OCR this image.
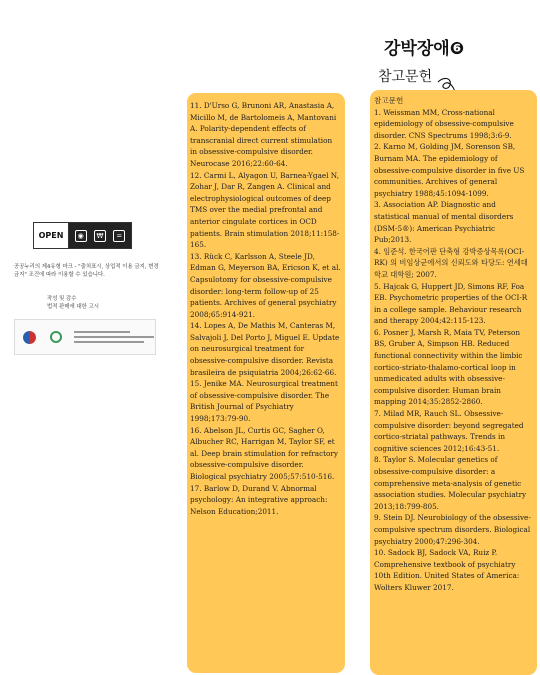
강박장애❻
참고문헌
OPEN	◉	₩	=
공공누리의 제4유형 마크 - "출처표시, 상업적 이용 금지, 변경 금지" 조건에 따라 이용할 수 있습니다.
작성 및 감수
법적 판매에 대한 고시
11. D'Urso G, Brunoni AR, Anastasia A, Micillo M, de Bartolomeis A, Mantovani A. Polarity-dependent effects of transcranial direct current stimulation in obsessive-compulsive disorder. Neurocase 2016;22:60-64.
12. Carmi L, Alyagon U, Barnea-Ygael N, Zohar J, Dar R, Zangen A. Clinical and electrophysiological outcomes of deep TMS over the medial prefrontal and anterior cingulate cortices in OCD patients. Brain stimulation 2018;11:158-165.
13. Rück C, Karlsson A, Steele JD, Edman G, Meyerson BA, Ericson K, et al. Capsulotomy for obsessive-compulsive disorder: long-term follow-up of 25 patients. Archives of general psychiatry 2008;65:914-921.
14. Lopes A, De Mathis M, Canteras M, Salvajoli J, Del Porto J, Miguel E. Update on neurosurgical treatment for obsessive-compulsive disorder. Revista brasileira de psiquiatria 2004;26:62-66.
15. Jenike MA. Neurosurgical treatment of obsessive-compulsive disorder. The British Journal of Psychiatry 1998;173:79-90.
16. Abelson JL, Curtis GC, Sagher O, Albucher RC, Harrigan M, Taylor SF, et al. Deep brain stimulation for refractory obsessive-compulsive disorder. Biological psychiatry 2005;57:510-516.
17. Barlow D, Durand V. Abnormal psychology: An integrative approach: Nelson Education;2011.
참고문헌
1. Weissman MM, Cross-national epidemiology of obsessive-compulsive disorder. CNS Spectrums 1998;3:6-9.
2. Karno M, Golding JM, Sorenson SB, Burnam MA. The epidemiology of obsessive-compulsive disorder in five US communities. Archives of general psychiatry 1988;45:1094-1099.
3. Association AP. Diagnostic and statistical manual of mental disorders (DSM-5®): American Psychiatric Pub;2013.
4. 임준석. 한국어판 단축형 강박증상목록(OCI-RK) 의 비임상군에서의 신뢰도와 타당도: 연세대학교 대학원; 2007.
5. Hajcak G, Huppert JD, Simons RF, Foa EB. Psychometric properties of the OCI-R in a college sample. Behaviour research and therapy 2004;42:115-123.
6. Posner J, Marsh R, Maia TV, Peterson BS, Gruber A, Simpson HB. Reduced functional connectivity within the limbic cortico-striato-thalamo-cortical loop in unmedicated adults with obsessive-compulsive disorder. Human brain mapping 2014;35:2852-2860.
7. Milad MR, Rauch SL. Obsessive-compulsive disorder: beyond segregated cortico-striatal pathways. Trends in cognitive sciences 2012;16:43-51.
8. Taylor S. Molecular genetics of obsessive-compulsive disorder: a comprehensive meta-analysis of genetic association studies. Molecular psychiatry 2013;18:799-805.
9. Stein DJ. Neurobiology of the obsessive-compulsive spectrum disorders. Biological psychiatry 2000;47:296-304.
10. Sadock BJ, Sadock VA, Ruiz P. Comprehensive textbook of psychiatry 10th Edition. United States of America: Wolters Kluwer 2017.
